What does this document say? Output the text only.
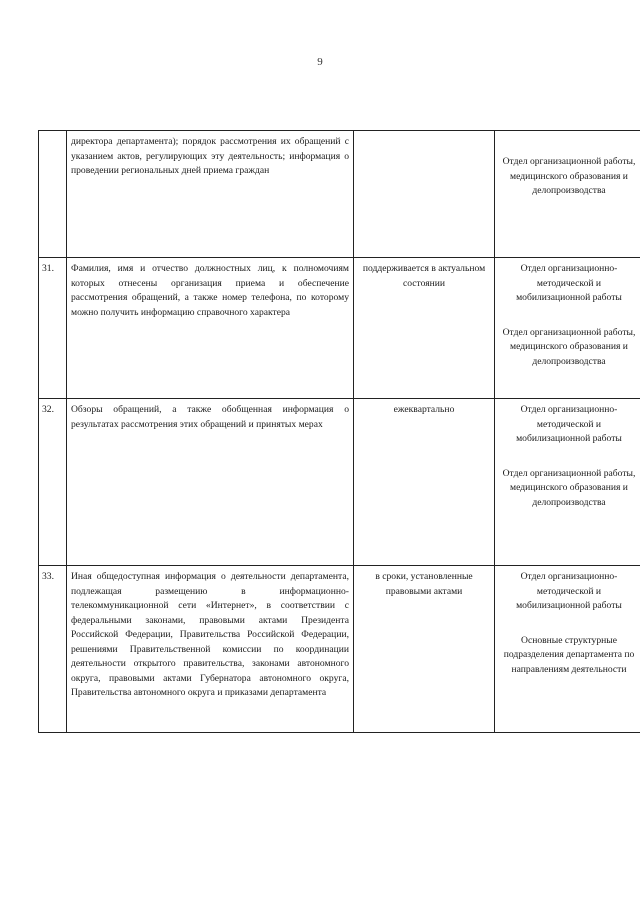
9
	директора департамента); порядок рассмотрения их обращений с указанием актов, регулирующих эту деятельность; информация о проведении региональных дней приема граждан		Отдел организационной работы, медицинского образования и делопроизводства

31.	Фамилия, имя и отчество должностных лиц, к полномочиям которых отнесены организация приема и обеспечение рассмотрения обращений, а также номер телефона, по которому можно получить информацию справочного характера	поддерживается в актуальном состоянии	Отдел организационно-методической и мобилизационной работы
Отдел организационной работы, медицинского образования и делопроизводства

32.	Обзоры обращений, а также обобщенная информация о результатах рассмотрения этих обращений и принятых мерах	ежеквартально	Отдел организационно-методической и мобилизационной работы
Отдел организационной работы, медицинского образования и делопроизводства

33.	Иная общедоступная информация о деятельности департамента, подлежащая размещению в информационно-телекоммуникационной сети «Интернет», в соответствии с федеральными законами, правовыми актами Президента Российской Федерации, Правительства Российской Федерации, решениями Правительственной комиссии по координации деятельности открытого правительства, законами автономного округа, правовыми актами Губернатора автономного округа, Правительства автономного округа и приказами департамента	в сроки, установленные правовыми актами	Отдел организационно-методической и мобилизационной работы
Основные структурные подразделения департамента по направлениям деятельности
